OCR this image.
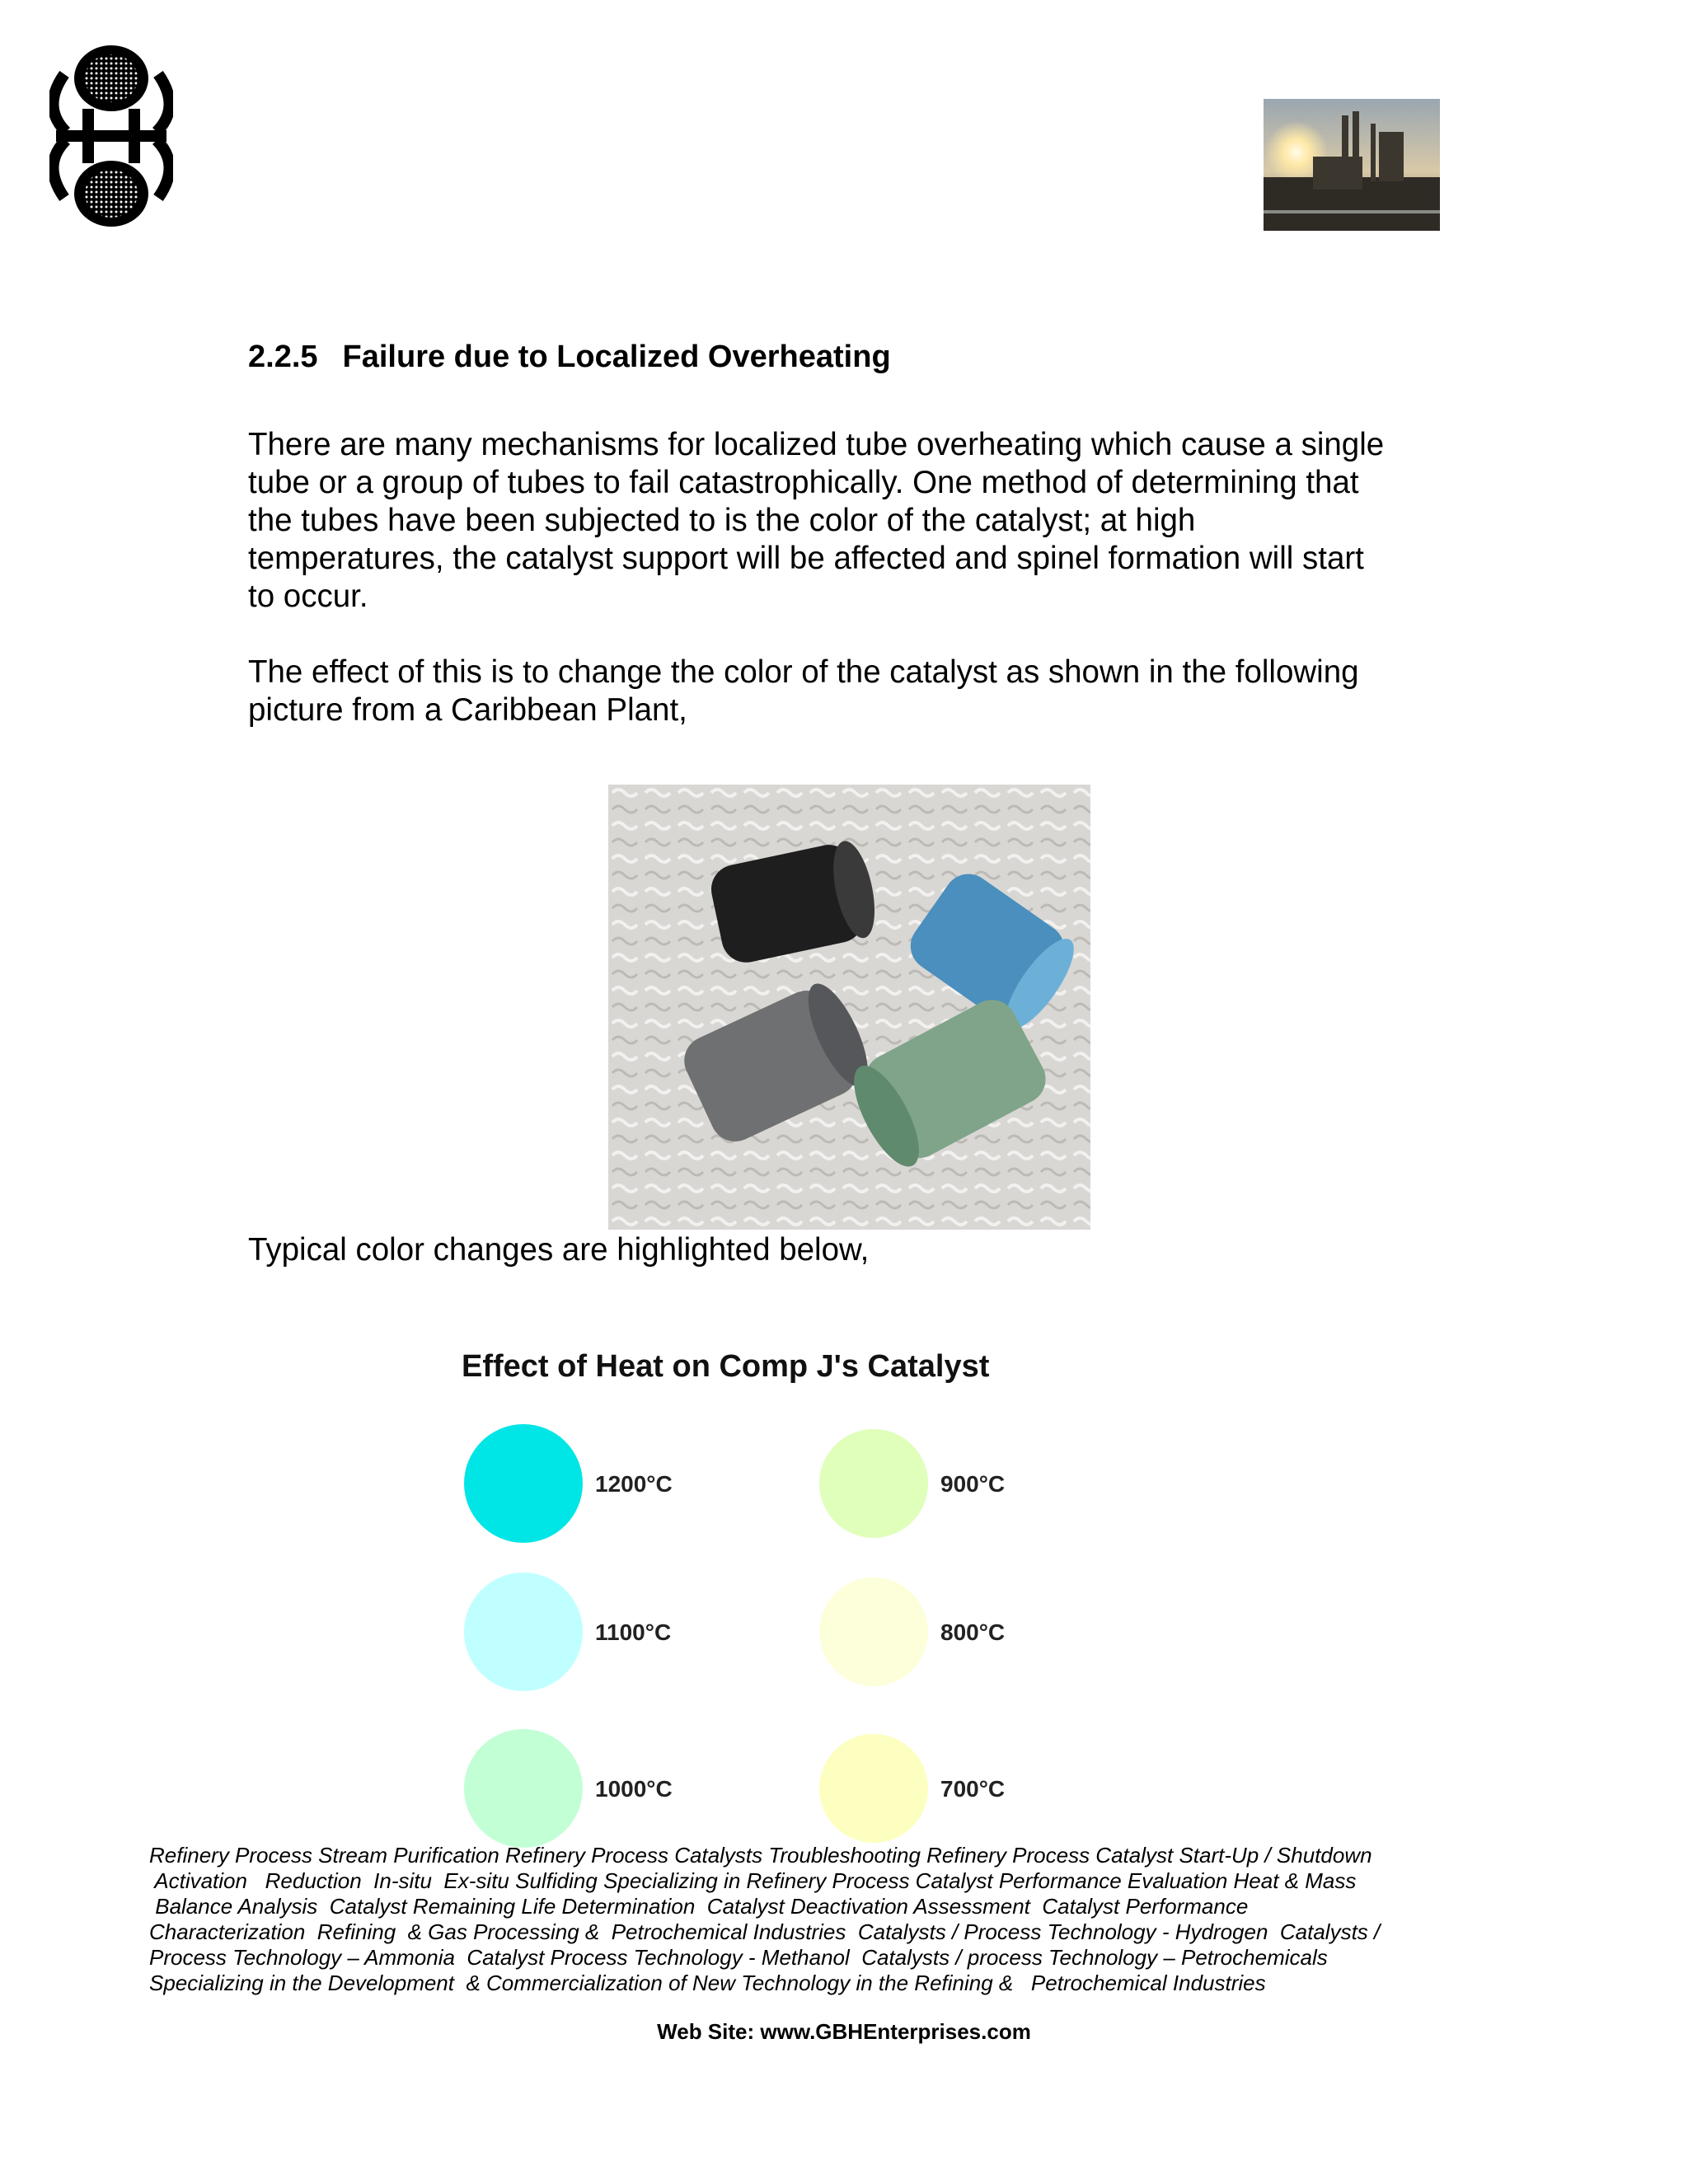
2.2.5 Failure due to Localized Overheating
There are many mechanisms for localized tube overheating which cause a single
tube or a group of tubes to fail catastrophically. One method of determining that
the tubes have been subjected to is the color of the catalyst; at high
temperatures, the catalyst support will be affected and spinel formation will start
to occur.
The effect of this is to change the color of the catalyst as shown in the following
picture from a Caribbean Plant,
Typical color changes are highlighted below,
Effect of Heat on Comp J's Catalyst
1200°C	900°C
1100°C	800°C
1000°C	700°C
Refinery Process Stream Purification Refinery Process Catalysts Troubleshooting Refinery Process Catalyst Start-Up / Shutdown
Activation   Reduction  In-situ  Ex-situ Sulfiding Specializing in Refinery Process Catalyst Performance Evaluation Heat & Mass
Balance Analysis  Catalyst Remaining Life Determination  Catalyst Deactivation Assessment  Catalyst Performance
Characterization  Refining  & Gas Processing &  Petrochemical Industries  Catalysts / Process Technology - Hydrogen  Catalysts /
Process Technology – Ammonia  Catalyst Process Technology - Methanol  Catalysts / process Technology – Petrochemicals
Specializing in the Development  & Commercialization of New Technology in the Refining &   Petrochemical Industries
Web Site: www.GBHEnterprises.com
